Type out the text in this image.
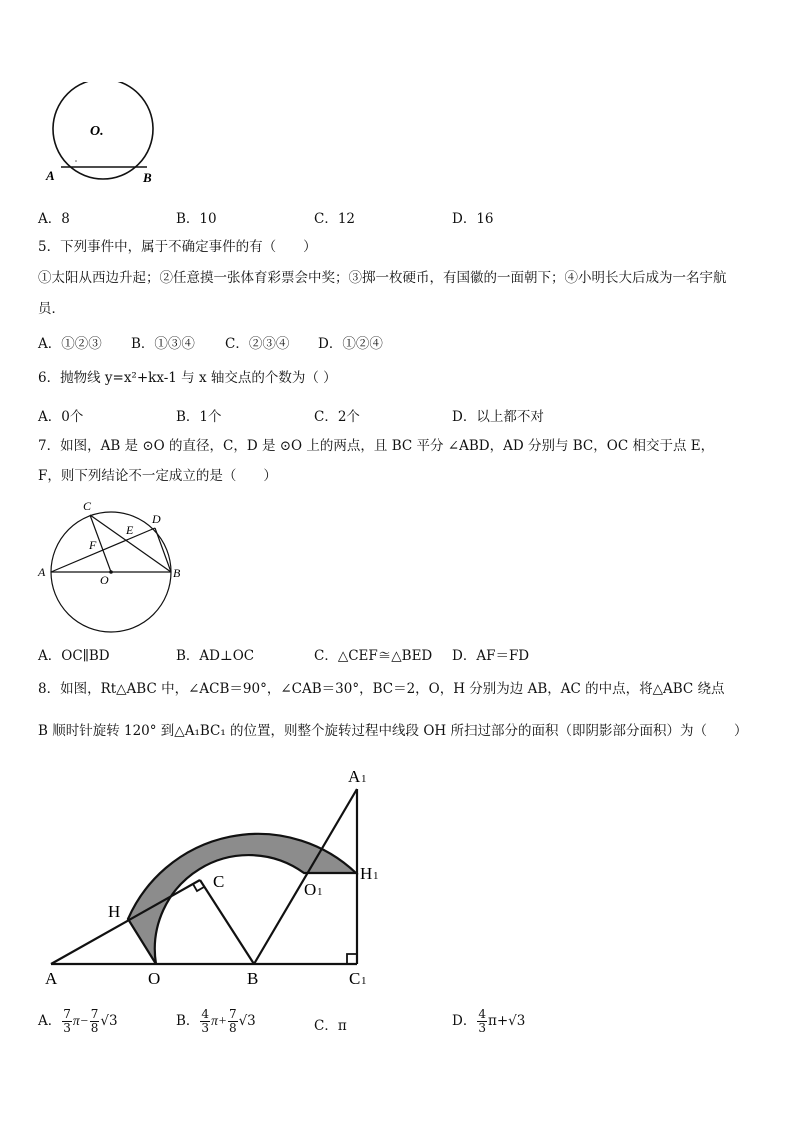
O.
A	B
A．8	B．10	C．12	D．16
5．下列事件中，属于不确定事件的有（　　）
①太阳从西边升起；②任意摸一张体育彩票会中奖；③掷一枚硬币，有国徽的一面朝下；④小明长大后成为一名宇航
员．
A．①②③ B．①③④ C．②③④ D．①②④
6．抛物线 y=x²+kx-1 与 x 轴交点的个数为（ ）
A．0个	B．1个	C．2个	D．以上都不对
7．如图，AB 是 ⊙O 的直径，C，D 是 ⊙O 上的两点，且 BC 平分 ∠ABD，AD 分别与 BC，OC 相交于点 E，
F，则下列结论不一定成立的是（　　）
C
D
E
F
A
O	B
A．OC∥BD	B．AD⊥OC	C．△CEF≅△BED D．AF＝FD
8．如图，Rt△ABC 中，∠ACB＝90°，∠CAB＝30°，BC＝2，O，H 分别为边 AB，AC 的中点，将△ABC 绕点
B 顺时针旋转 120° 到△A₁BC₁ 的位置，则整个旋转过程中线段 OH 所扫过部分的面积（即阴影部分面积）为（　　）
A 1
H 1
O 1
C
H
A	O	B	C 1
A． $\frac{7}{3} \pi- \frac{7}{8} √3$	B． $\frac{4}{3} \pi+ \frac{7}{8} √3$	C．π	D． $\frac{4}{3} \pi+√3$
